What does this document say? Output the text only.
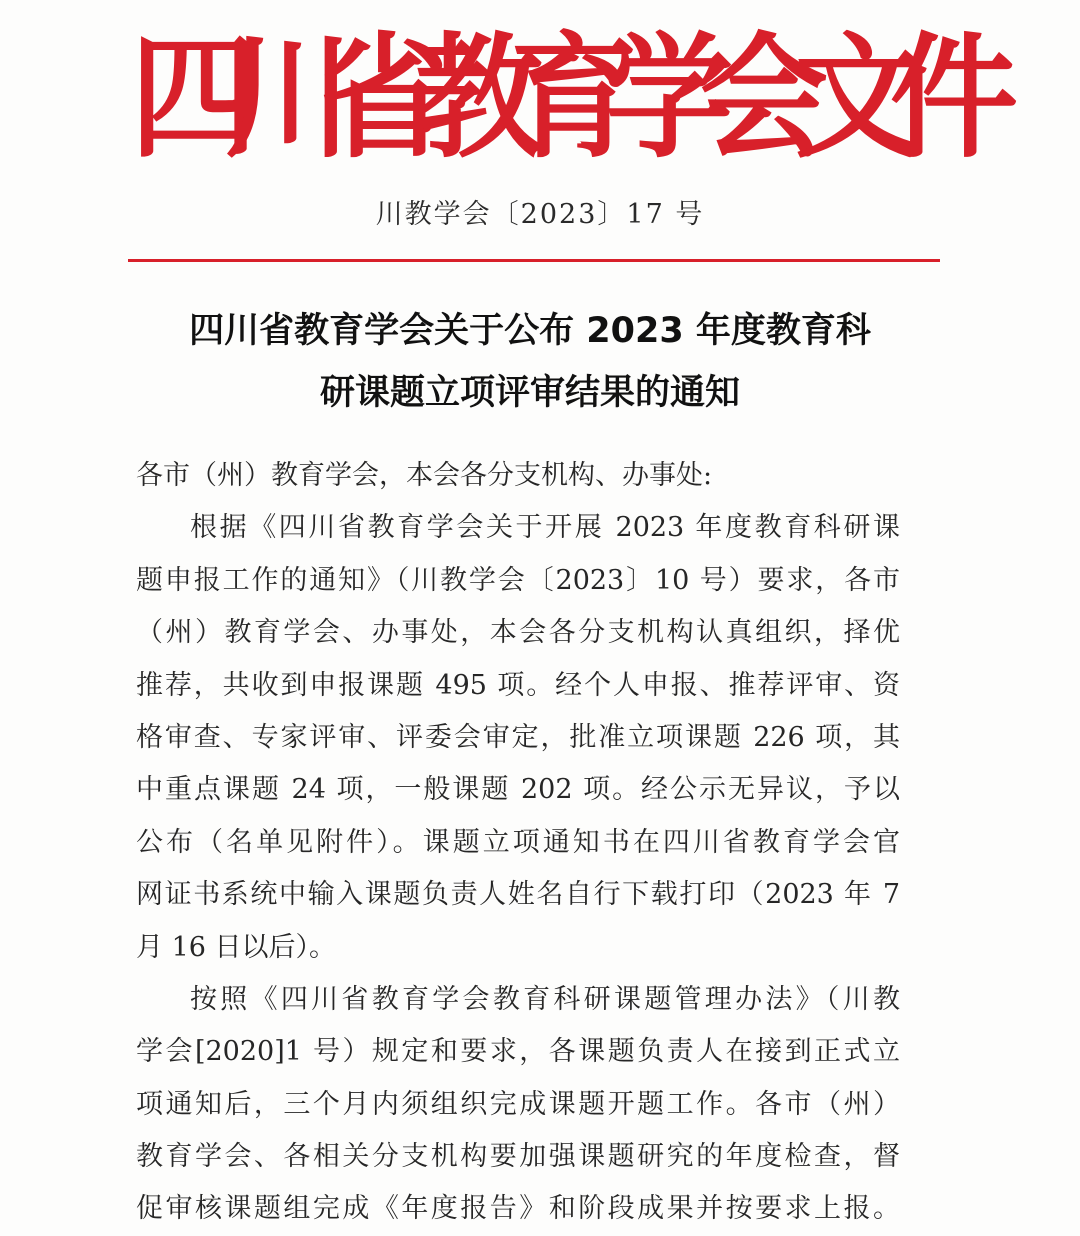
四川省教育学会文件
川教学会〔2023〕17 号
四川省教育学会关于公布 2023 年度教育科
研课题立项评审结果的通知
各市（州）教育学会，本会各分支机构、办事处:
根据《四川省教育学会关于开展 2023 年度教育科研课
题申报工作的通知》（川教学会〔2023〕10 号）要求，各市
（州）教育学会、办事处，本会各分支机构认真组织，择优
推荐，共收到申报课题 495 项。经个人申报、推荐评审、资
格审查、专家评审、评委会审定，批准立项课题 226 项，其
中重点课题 24 项，一般课题 202 项。经公示无异议，予以
公布（名单见附件）。课题立项通知书在四川省教育学会官
网证书系统中输入课题负责人姓名自行下载打印（2023 年 7
月 16 日以后）。
按照《四川省教育学会教育科研课题管理办法》（川教
学会[2020]1 号）规定和要求，各课题负责人在接到正式立
项通知后，三个月内须组织完成课题开题工作。各市（州）
教育学会、各相关分支机构要加强课题研究的年度检查，督
促审核课题组完成《年度报告》和阶段成果并按要求上报。
